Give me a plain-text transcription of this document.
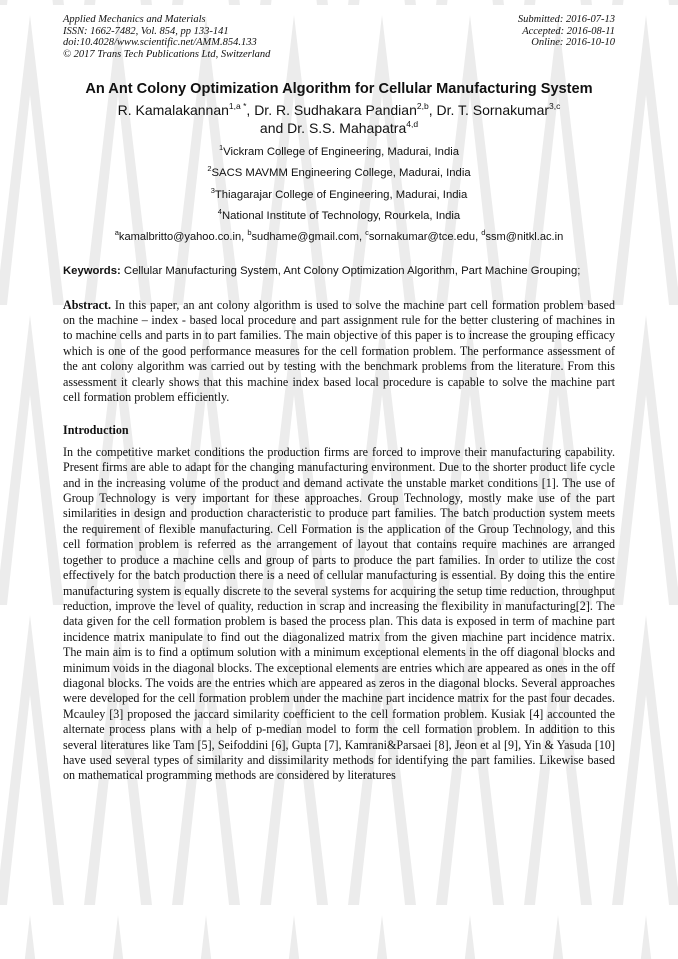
Applied Mechanics and Materials
ISSN: 1662-7482, Vol. 854, pp 133-141
doi:10.4028/www.scientific.net/AMM.854.133
© 2017 Trans Tech Publications Ltd, Switzerland
Submitted: 2016-07-13
Accepted: 2016-08-11
Online: 2016-10-10
An Ant Colony Optimization Algorithm for Cellular Manufacturing System
R. Kamalakannan$^{1,a *}$, Dr. R. Sudhakara Pandian$^{2,b}$, Dr. T. Sornakumar$^{3,c}$
and Dr. S.S. Mahapatra$^{4,d}$
$^1$Vickram College of Engineering, Madurai, India
$^2$SACS MAVMM Engineering College, Madurai, India
$^3$Thiagarajar College of Engineering, Madurai, India
$^4$National Institute of Technology, Rourkela, India
$^a$kamalbritto@yahoo.co.in, $^b$sudhame@gmail.com, $^c$sornakumar@tce.edu, $^d$ssm@nitkl.ac.in
Keywords: Cellular Manufacturing System, Ant Colony Optimization Algorithm, Part Machine Grouping;

Abstract. In this paper, an ant colony algorithm is used to solve the machine part cell formation problem based on the machine – index - based local procedure and part assignment rule for the better clustering of machines in to machine cells and parts in to part families. The main objective of this paper is to increase the grouping efficacy which is one of the good performance measures for the cell formation problem. The performance assessment of the ant colony algorithm was carried out by testing with the benchmark problems from the literature. From this assessment it clearly shows that this machine index based local procedure is capable to solve the machine part cell formation problem efficiently.

Introduction

In the competitive market conditions the production firms are forced to improve their manufacturing capability. Present firms are able to adapt for the changing manufacturing environment. Due to the shorter product life cycle and in the increasing volume of the product and demand activate the unstable market conditions [1]. The use of Group Technology is very important for these approaches. Group Technology, mostly make use of the part similarities in design and production characteristic to produce part families. The batch production system meets the requirement of flexible manufacturing. Cell Formation is the application of the Group Technology, and this cell formation problem is referred as the arrangement of layout that contains require machines are arranged together to produce a machine cells and group of parts to produce the part families. In order to utilize the cost effectively for the batch production there is a need of cellular manufacturing is essential. By doing this the entire manufacturing system is equally discrete to the several systems for acquiring the setup time reduction, throughput reduction, improve the level of quality, reduction in scrap and increasing the flexibility in manufacturing[2]. The data given for the cell formation problem is based the process plan. This data is exposed in term of machine part incidence matrix manipulate to find out the diagonalized matrix from the given machine part incidence matrix. The main aim is to find a optimum solution with a minimum exceptional elements in the off diagonal blocks and minimum voids in the diagonal blocks. The exceptional elements are entries which are appeared as ones in the off diagonal blocks. The voids are the entries which are appeared as zeros in the diagonal blocks. Several approaches were developed for the cell formation problem under the machine part incidence matrix for the past four decades. Mcauley [3] proposed the jaccard similarity coefficient to the cell formation problem. Kusiak [4] accounted the alternate process plans with a help of p-median model to form the cell formation problem. In addition to this several literatures like Tam [5], Seifoddini [6], Gupta [7], Kamrani&Parsaei [8], Jeon et al [9], Yin & Yasuda [10] have used several types of similarity and dissimilarity methods for identifying the part families. Likewise based on mathematical programming methods are considered by literatures
